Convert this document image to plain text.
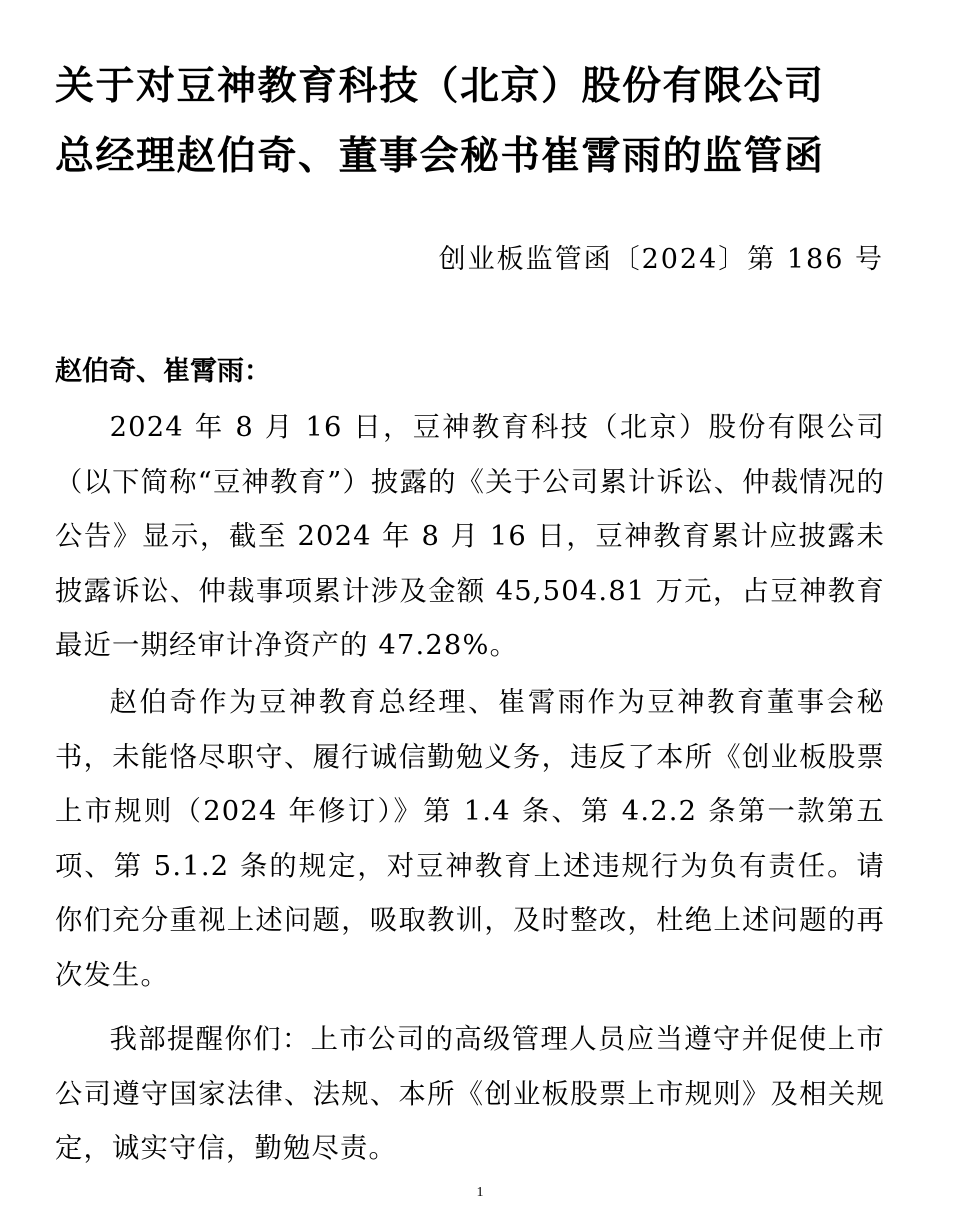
关于对豆神教育科技（北京）股份有限公司
总经理赵伯奇、董事会秘书崔霄雨的监管函
创业板监管函〔2024〕第 186 号
赵伯奇、崔霄雨：

2024 年 8 月 16 日，豆神教育科技（北京）股份有限公司（以下简称“豆神教育”）披露的《关于公司累计诉讼、仲裁情况的公告》显示，截至 2024 年 8 月 16 日，豆神教育累计应披露未披露诉讼、仲裁事项累计涉及金额 45,504.81 万元，占豆神教育最近一期经审计净资产的 47.28%。

赵伯奇作为豆神教育总经理、崔霄雨作为豆神教育董事会秘书，未能恪尽职守、履行诚信勤勉义务，违反了本所《创业板股票上市规则（2024 年修订）》第 1.4 条、第 4.2.2 条第一款第五项、第 5.1.2 条的规定，对豆神教育上述违规行为负有责任。请你们充分重视上述问题，吸取教训，及时整改，杜绝上述问题的再次发生。

我部提醒你们：上市公司的高级管理人员应当遵守并促使上市公司遵守国家法律、法规、本所《创业板股票上市规则》及相关规定，诚实守信，勤勉尽责。

1
